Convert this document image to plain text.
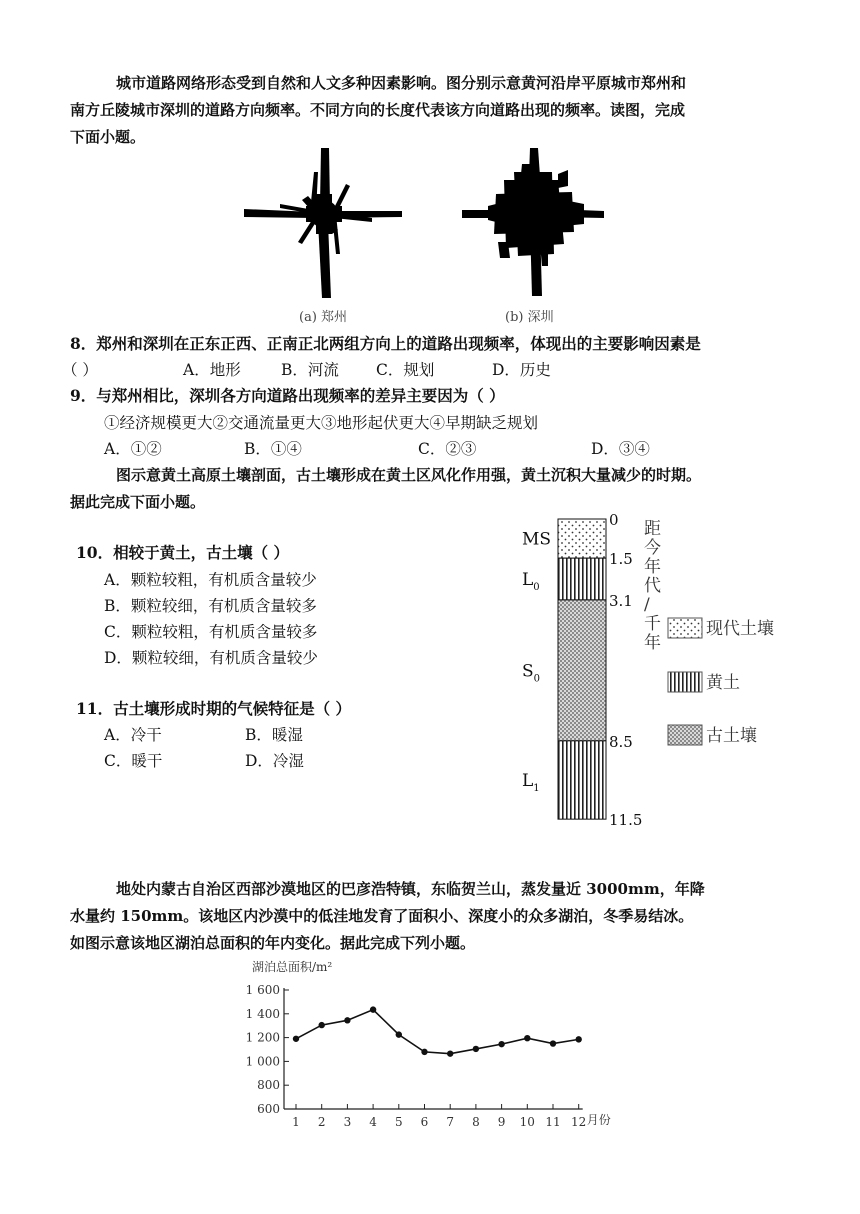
城市道路网络形态受到自然和人文多种因素影响。图分别示意黄河沿岸平原城市郑州和
南方丘陵城市深圳的道路方向频率。不同方向的长度代表该方向道路出现的频率。读图，完成
下面小题。
(a) 郑州	(b) 深圳
8．郑州和深圳在正东正西、正南正北两组方向上的道路出现频率，体现出的主要影响因素是
（ ）	A．地形	B．河流 C．规划	D．历史
9．与郑州相比，深圳各方向道路出现频率的差异主要因为（ ）
①经济规模更大②交通流量更大③地形起伏更大④早期缺乏规划
A．①②	B．①④	C．②③	D．③④
图示意黄土高原土壤剖面，古土壤形成在黄土区风化作用强，黄土沉积大量减少的时期。
据此完成下面小题。
10．相较于黄土，古土壤（ ）
A．颗粒较粗，有机质含量较少
B．颗粒较细，有机质含量较多
C．颗粒较粗，有机质含量较多
D．颗粒较细，有机质含量较少
11．古土壤形成时期的气候特征是（ ）
A．冷干	B．暖湿
C．暖干	D．冷湿
MS
$L_0$
$S_0$
$L_1$
0
1.5
3.1
8.5
11.5
距
今
年
代
/
千
年
现代土壤
黄土
古土壤
地处内蒙古自治区西部沙漠地区的巴彦浩特镇，东临贺兰山，蒸发量近 3000mm，年降
水量约 150mm。该地区内沙漠中的低洼地发育了面积小、深度小的众多湖泊，冬季易结冰。
如图示意该地区湖泊总面积的年内变化。据此完成下列小题。
湖泊总面积/m²
600
800
1 000
1 200
1 400
1 600
1 2 3 4 5 6 7 8 9 10 11 12 月份
